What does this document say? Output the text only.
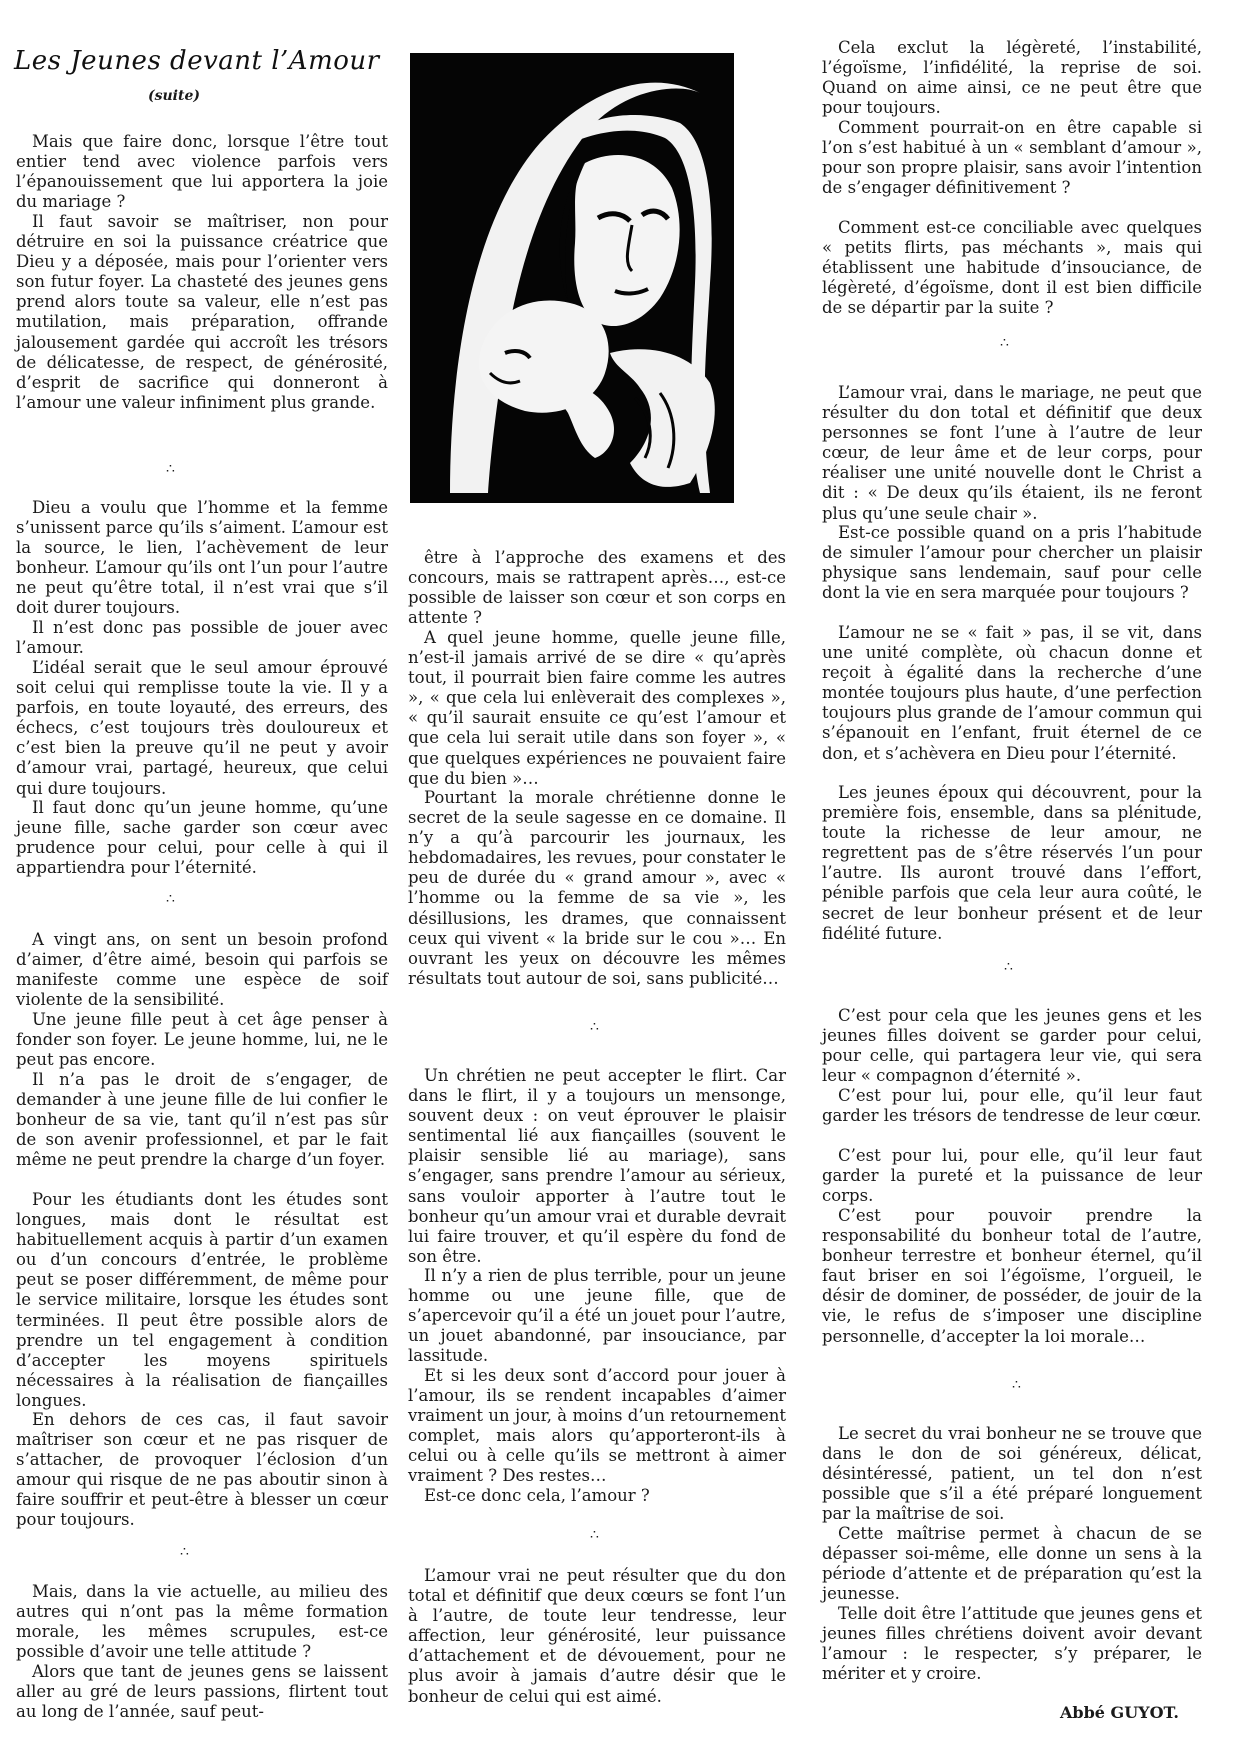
Les Jeunes devant l’Amour
(suite)

Mais que faire donc, lorsque l’être tout entier tend avec violence parfois vers l’épanouissement que lui apportera la joie du mariage ?

Il faut savoir se maîtriser, non pour détruire en soi la puissance créatrice que Dieu y a déposée, mais pour l’orienter vers son futur foyer. La chasteté des jeunes gens prend alors toute sa valeur, elle n’est pas mutilation, mais préparation, offrande jalousement gardée qui accroît les trésors de délicatesse, de respect, de générosité, d’esprit de sacrifice qui donneront à l’amour une valeur infiniment plus grande.

∴

Dieu a voulu que l’homme et la femme s’unissent parce qu’ils s’aiment. L’amour est la source, le lien, l’achèvement de leur bonheur. L’amour qu’ils ont l’un pour l’autre ne peut qu’être total, il n’est vrai que s’il doit durer toujours.

Il n’est donc pas possible de jouer avec l’amour.

L’idéal serait que le seul amour éprouvé soit celui qui remplisse toute la vie. Il y a parfois, en toute loyauté, des erreurs, des échecs, c’est toujours très douloureux et c’est bien la preuve qu’il ne peut y avoir d’amour vrai, partagé, heureux, que celui qui dure toujours.

Il faut donc qu’un jeune homme, qu’une jeune fille, sache garder son cœur avec prudence pour celui, pour celle à qui il appartiendra pour l’éternité.

∴

A vingt ans, on sent un besoin profond d’aimer, d’être aimé, besoin qui parfois se manifeste comme une espèce de soif violente de la sensibilité.

Une jeune fille peut à cet âge penser à fonder son foyer. Le jeune homme, lui, ne le peut pas encore.

Il n’a pas le droit de s’engager, de demander à une jeune fille de lui confier le bonheur de sa vie, tant qu’il n’est pas sûr de son avenir professionnel, et par le fait même ne peut prendre la charge d’un foyer.

Pour les étudiants dont les études sont longues, mais dont le résultat est habituellement acquis à partir d’un examen ou d’un concours d’entrée, le problème peut se poser différemment, de même pour le service militaire, lorsque les études sont terminées. Il peut être possible alors de prendre un tel engagement à condition d’accepter les moyens spirituels nécessaires à la réalisation de fiançailles longues.

En dehors de ces cas, il faut savoir maîtriser son cœur et ne pas risquer de s’attacher, de provoquer l’éclosion d’un amour qui risque de ne pas aboutir sinon à faire souffrir et peut-être à blesser un cœur pour toujours.

∴

Mais, dans la vie actuelle, au milieu des autres qui n’ont pas la même formation morale, les mêmes scrupules, est-ce possible d’avoir une telle attitude ?

Alors que tant de jeunes gens se laissent aller au gré de leurs passions, flirtent tout au long de l’année, sauf peut-

être à l’approche des examens et des concours, mais se rattrapent après…, est-ce possible de laisser son cœur et son corps en attente ?

A quel jeune homme, quelle jeune fille, n’est-il jamais arrivé de se dire « qu’après tout, il pourrait bien faire comme les autres », « que cela lui enlèverait des complexes », « qu’il saurait ensuite ce qu’est l’amour et que cela lui serait utile dans son foyer », « que quelques expériences ne pouvaient faire que du bien »…

Pourtant la morale chrétienne donne le secret de la seule sagesse en ce domaine. Il n’y a qu’à parcourir les journaux, les hebdomadaires, les revues, pour constater le peu de durée du « grand amour », avec « l’homme ou la femme de sa vie », les désillusions, les drames, que connaissent ceux qui vivent « la bride sur le cou »… En ouvrant les yeux on découvre les mêmes résultats tout autour de soi, sans publicité…

∴

Un chrétien ne peut accepter le flirt. Car dans le flirt, il y a toujours un mensonge, souvent deux : on veut éprouver le plaisir sentimental lié aux fiançailles (souvent le plaisir sensible lié au mariage), sans s’engager, sans prendre l’amour au sérieux, sans vouloir apporter à l’autre tout le bonheur qu’un amour vrai et durable devrait lui faire trouver, et qu’il espère du fond de son être.

Il n’y a rien de plus terrible, pour un jeune homme ou une jeune fille, que de s’apercevoir qu’il a été un jouet pour l’autre, un jouet abandonné, par insouciance, par lassitude.

Et si les deux sont d’accord pour jouer à l’amour, ils se rendent incapables d’aimer vraiment un jour, à moins d’un retournement complet, mais alors qu’apporteront-ils à celui ou à celle qu’ils se mettront à aimer vraiment ? Des restes…

Est-ce donc cela, l’amour ?

∴

L’amour vrai ne peut résulter que du don total et définitif que deux cœurs se font l’un à l’autre, de toute leur tendresse, leur affection, leur générosité, leur puissance d’attachement et de dévouement, pour ne plus avoir à jamais d’autre désir que le bonheur de celui qui est aimé.

Cela exclut la légèreté, l’instabilité, l’égoïsme, l’infidélité, la reprise de soi. Quand on aime ainsi, ce ne peut être que pour toujours.

Comment pourrait-on en être capable si l’on s’est habitué à un « semblant d’amour », pour son propre plaisir, sans avoir l’intention de s’engager définitivement ?

Comment est-ce conciliable avec quelques « petits flirts, pas méchants », mais qui établissent une habitude d’insouciance, de légèreté, d’égoïsme, dont il est bien difficile de se départir par la suite ?

∴

L’amour vrai, dans le mariage, ne peut que résulter du don total et définitif que deux personnes se font l’une à l’autre de leur cœur, de leur âme et de leur corps, pour réaliser une unité nouvelle dont le Christ a dit : « De deux qu’ils étaient, ils ne feront plus qu’une seule chair ».

Est-ce possible quand on a pris l’habitude de simuler l’amour pour chercher un plaisir physique sans lendemain, sauf pour celle dont la vie en sera marquée pour toujours ?

L’amour ne se « fait » pas, il se vit, dans une unité complète, où chacun donne et reçoit à égalité dans la recherche d’une montée toujours plus haute, d’une perfection toujours plus grande de l’amour commun qui s’épanouit en l’enfant, fruit éternel de ce don, et s’achèvera en Dieu pour l’éternité.

Les jeunes époux qui découvrent, pour la première fois, ensemble, dans sa plénitude, toute la richesse de leur amour, ne regrettent pas de s’être réservés l’un pour l’autre. Ils auront trouvé dans l’effort, pénible parfois que cela leur aura coûté, le secret de leur bonheur présent et de leur fidélité future.

∴

C’est pour cela que les jeunes gens et les jeunes filles doivent se garder pour celui, pour celle, qui partagera leur vie, qui sera leur « compagnon d’éternité ».

C’est pour lui, pour elle, qu’il leur faut garder les trésors de tendresse de leur cœur.

C’est pour lui, pour elle, qu’il leur faut garder la pureté et la puissance de leur corps.

C’est pour pouvoir prendre la responsabilité du bonheur total de l’autre, bonheur terrestre et bonheur éternel, qu’il faut briser en soi l’égoïsme, l’orgueil, le désir de dominer, de posséder, de jouir de la vie, le refus de s’imposer une discipline personnelle, d’accepter la loi morale…

∴

Le secret du vrai bonheur ne se trouve que dans le don de soi généreux, délicat, désintéressé, patient, un tel don n’est possible que s’il a été préparé longuement par la maîtrise de soi.

Cette maîtrise permet à chacun de se dépasser soi-même, elle donne un sens à la période d’attente et de préparation qu’est la jeunesse.

Telle doit être l’attitude que jeunes gens et jeunes filles chrétiens doivent avoir devant l’amour : le respecter, s’y préparer, le mériter et y croire.

Abbé GUYOT.
